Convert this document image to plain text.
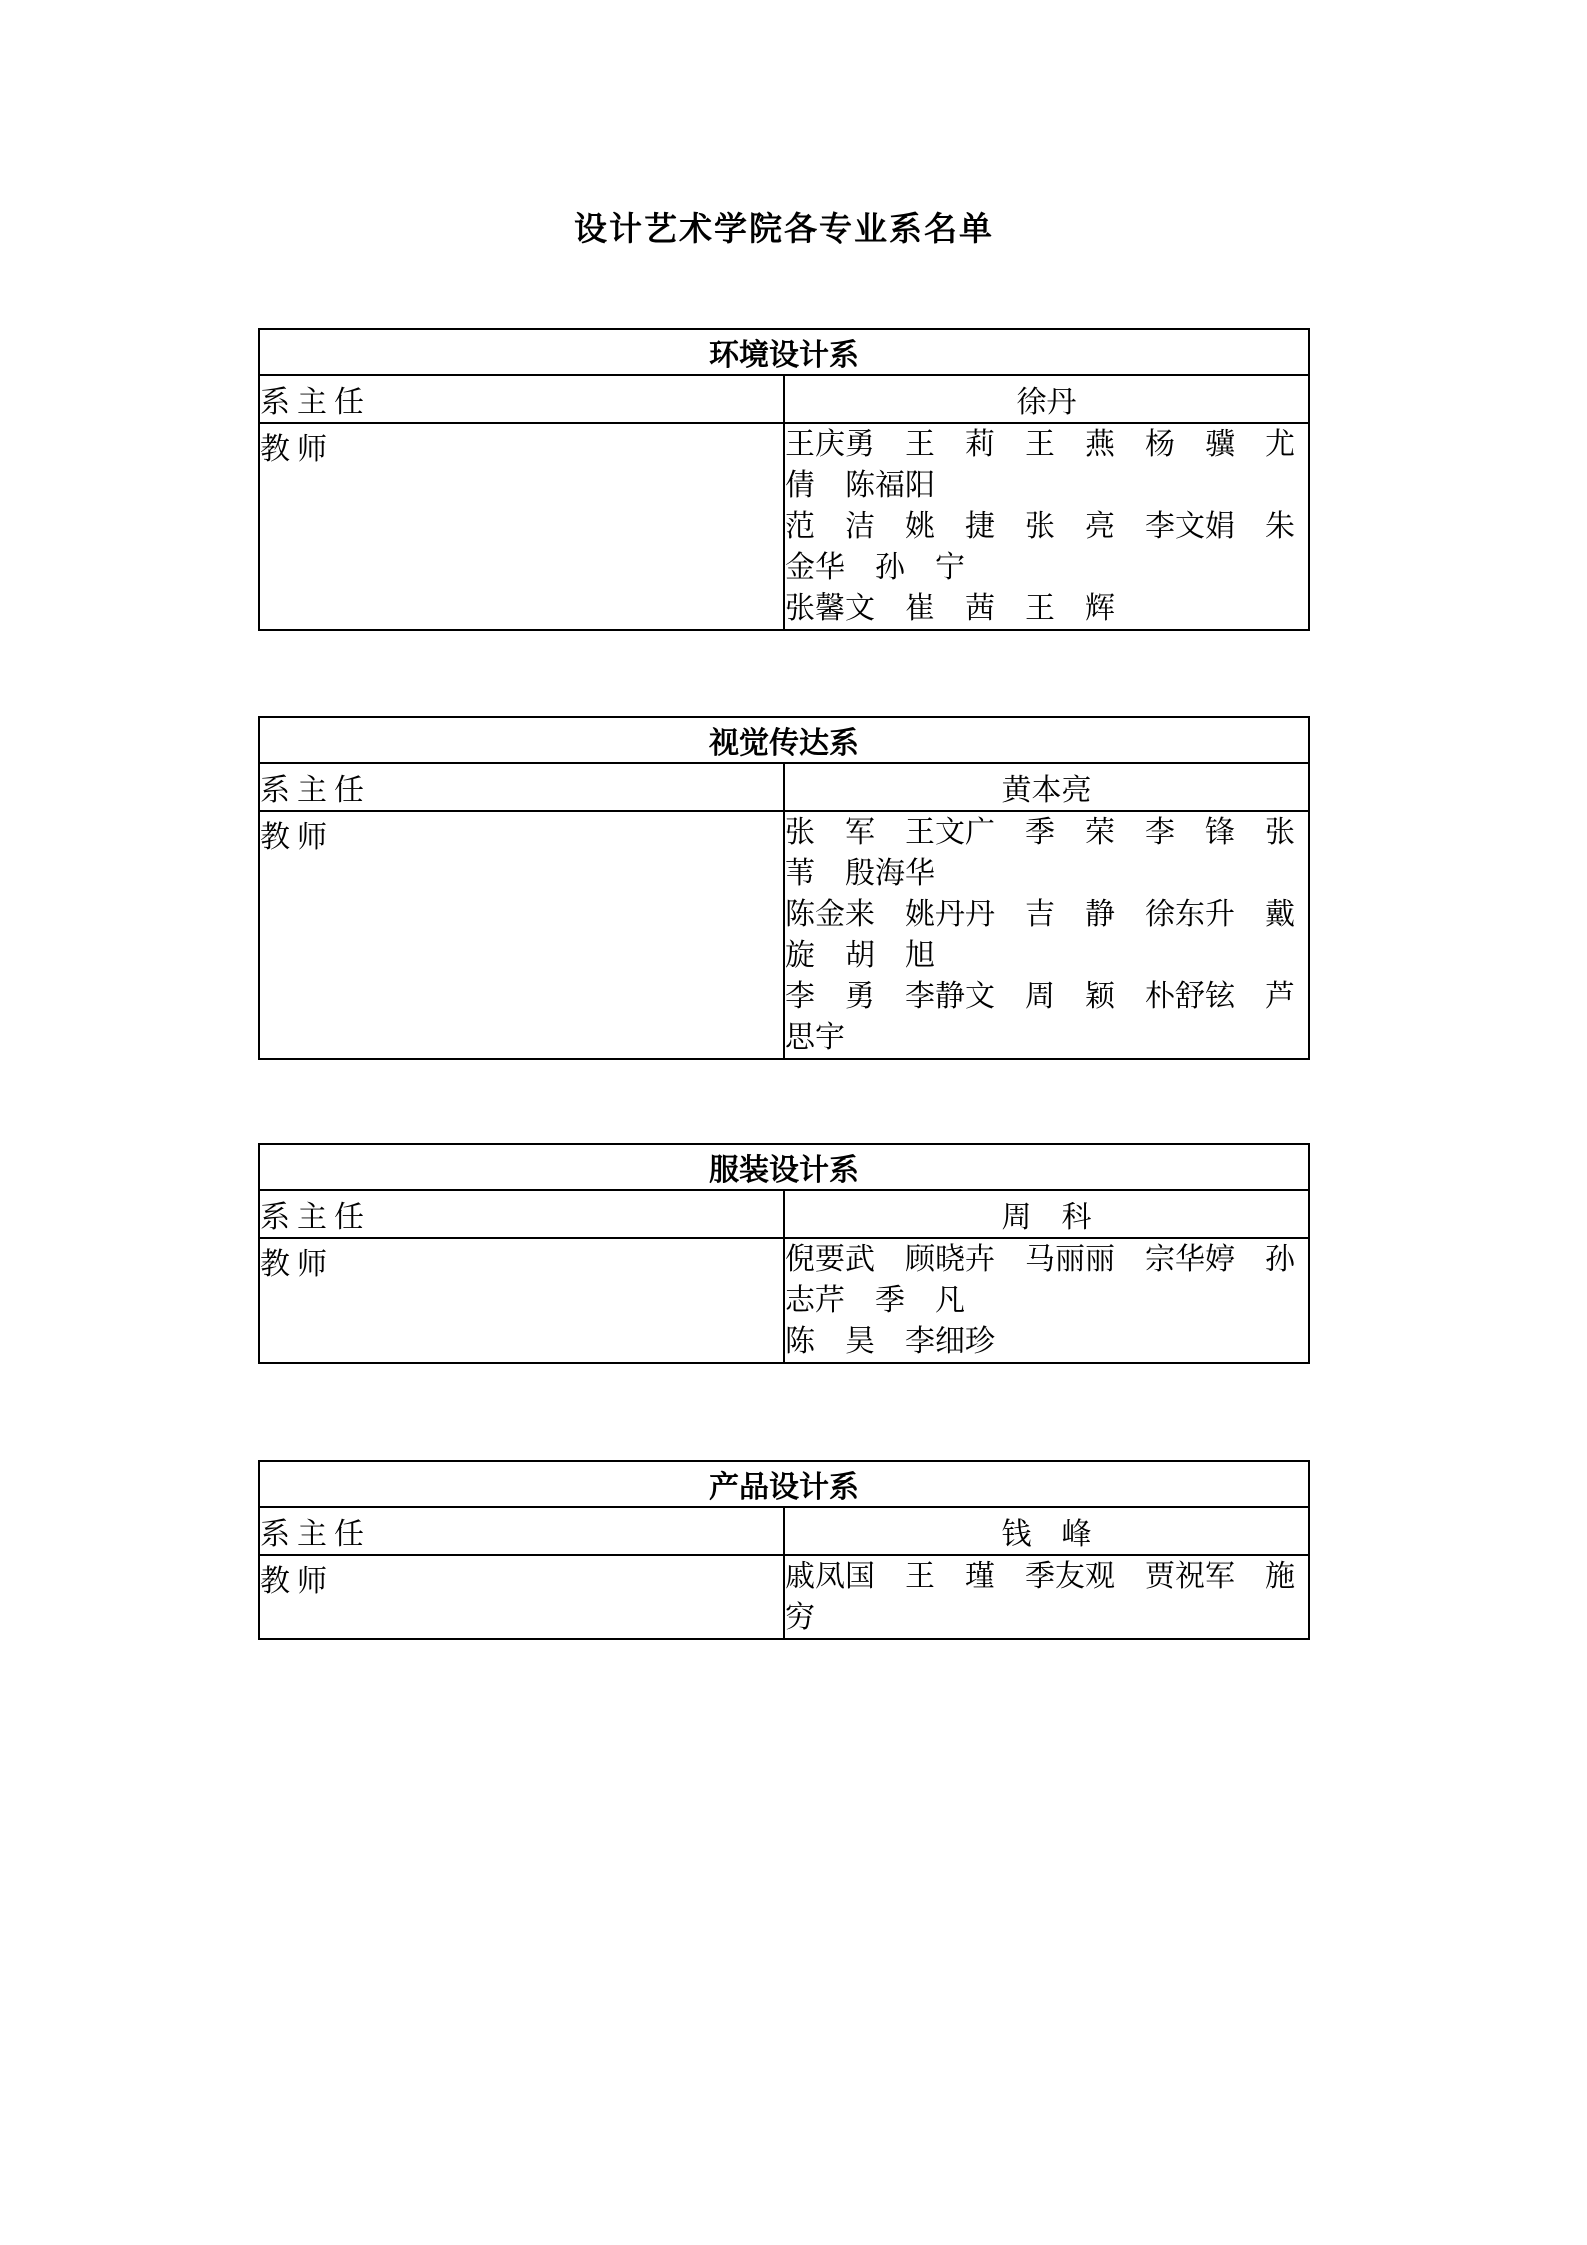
设计艺术学院各专业系名单
环境设计系	
系主任	徐丹
教师	王庆勇　王　莉　王　燕　杨　骥　尤　倩　陈福阳
范　洁　姚　捷　张　亮　李文娟　朱金华　孙　宁
张馨文　崔　茜　王　辉
视觉传达系	
系主任	黄本亮
教师	张　军　王文广　季　荣　李　锋　张　苇　殷海华
陈金来　姚丹丹　吉　静　徐东升　戴　旋　胡　旭
李　勇　李静文　周　颖　朴舒铉　芦思宇
服装设计系	
系主任	周　科
教师	倪要武　顾晓卉　马丽丽　宗华婷　孙志芹　季　凡
陈　昊　李细珍
产品设计系	
系主任	钱　峰
教师	戚凤国　王　瑾　季友观　贾祝军　施　穷
